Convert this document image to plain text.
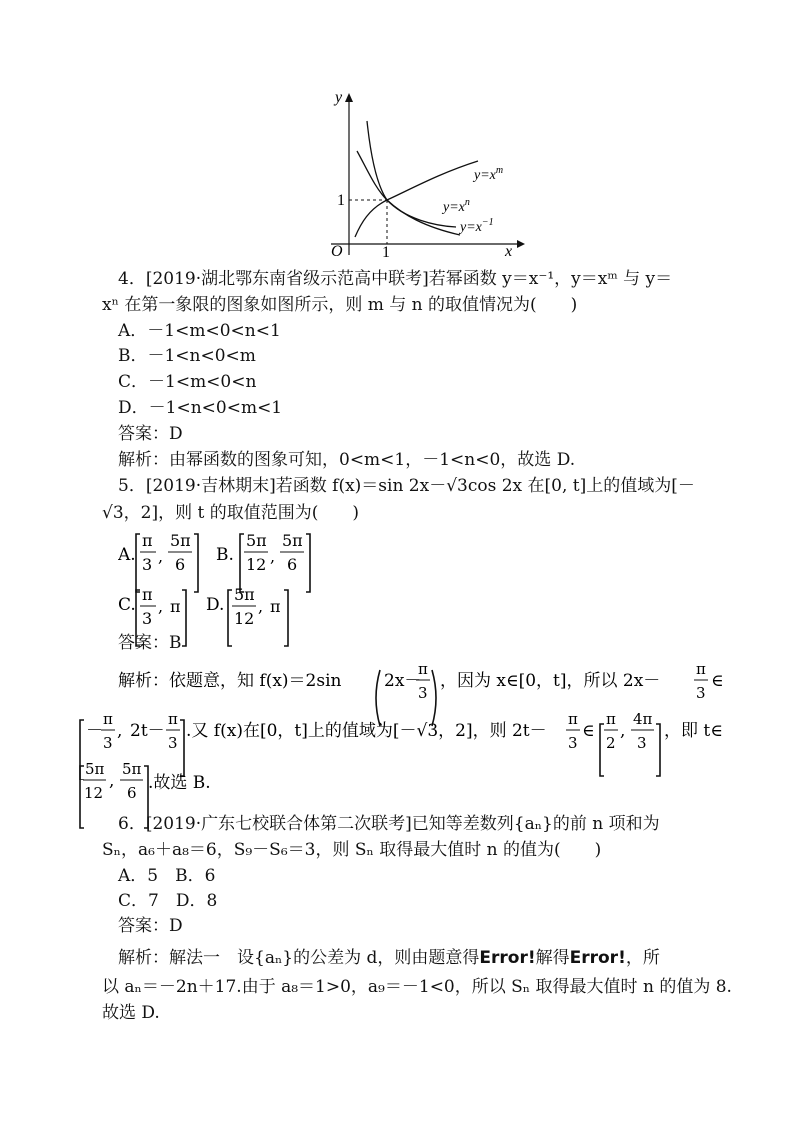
y
x
O 1
1
$y=x^m$
$y=x^n$
$y=x^{-1}$
4．[2019·湖北鄂东南省级示范高中联考]若幂函数 y＝x⁻¹，y＝xᵐ 与 y＝
xⁿ 在第一象限的图象如图所示，则 m 与 n 的取值情况为(　　)
A．－1<m<0<n<1
B．－1<n<0<m
C．－1<m<0<n
D．－1<n<0<m<1
答案：D
解析：由幂函数的图象可知，0<m<1，－1<n<0，故选 D.
5．[2019·吉林期末]若函数 f(x)＝sin 2x－√3cos 2x 在[0, t]上的值域为[－
√3，2]，则 t 的取值范围为(　　)
A.
π
3 ,
5π
6 B.
5π
12 ,
5π
6
C.
π
3
, π D.
5π
12
, π
答案：B
解析：依题意，知 f(x)＝2sin	2x－
π
3
，因为 x∈[0，t]，所以 2x－
π
3
∈
－
π
3
, 2t－
π
3
.又 f(x)在[0，t]上的值域为[－√3，2]，则 2t－
π
3
∈
π
2
,
4π
3
，即 t∈
5π
12
,
5π
6 .故选 B.
6．[2019·广东七校联合体第二次联考]已知等差数列{aₙ}的前 n 项和为
Sₙ，a₆＋a₈＝6，S₉－S₆＝3，则 Sₙ 取得最大值时 n 的值为(　　)
A．5　B．6
C．7　D．8
答案：D
解析：解法一　设{aₙ}的公差为 d，则由题意得Error!解得Error!，所
以 aₙ＝－2n＋17.由于 a₈＝1>0，a₉＝－1<0，所以 Sₙ 取得最大值时 n 的值为 8.
故选 D.
